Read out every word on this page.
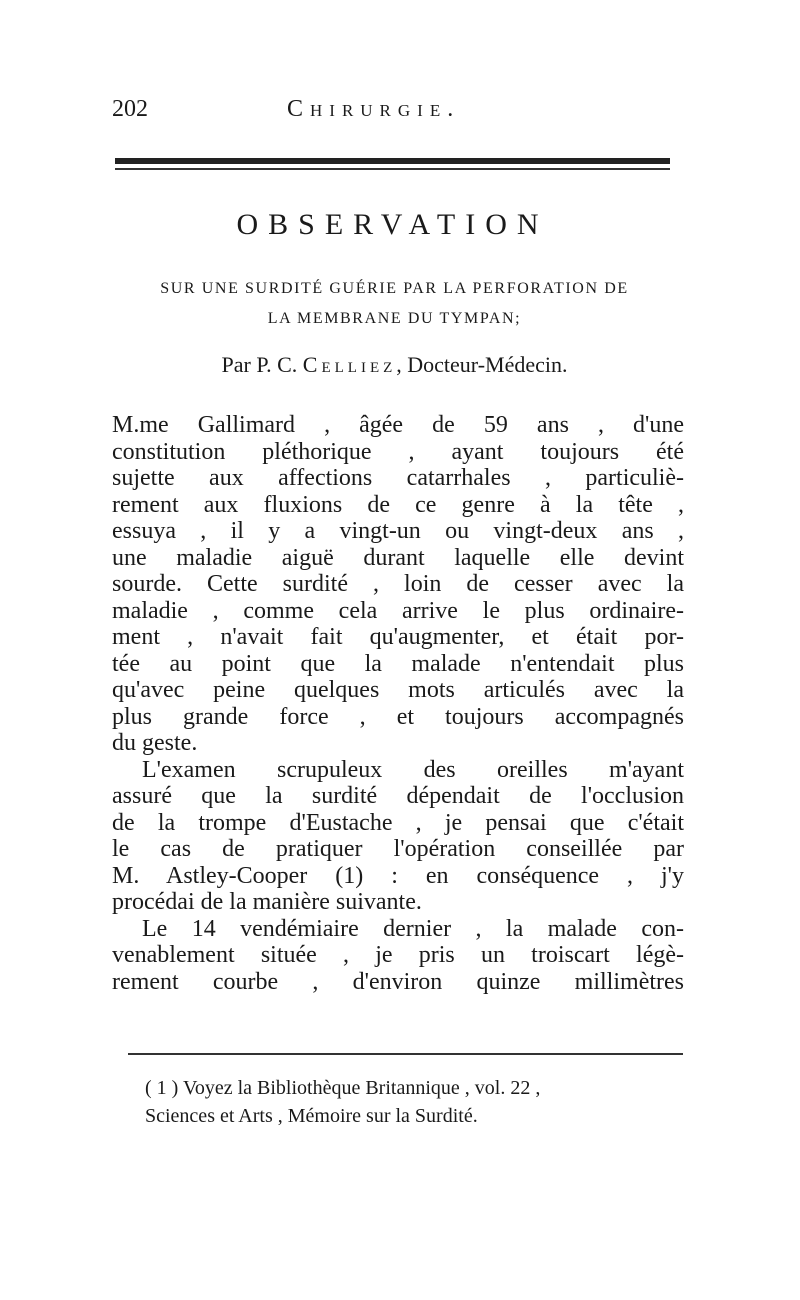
202	Chirurgie.
OBSERVATION
SUR UNE SURDITÉ GUÉRIE PAR LA PERFORATION DE
LA MEMBRANE DU TYMPAN;
Par P. C. Celliez, Docteur-Médecin.
M.me Gallimard , âgée de 59 ans , d'une
constitution pléthorique , ayant toujours été
sujette aux affections catarrhales , particuliè-
rement aux fluxions de ce genre à la tête ,
essuya , il y a vingt-un ou vingt-deux ans ,
une maladie aiguë durant laquelle elle devint
sourde. Cette surdité , loin de cesser avec la
maladie , comme cela arrive le plus ordinaire-
ment , n'avait fait qu'augmenter, et était por-
tée au point que la malade n'entendait plus
qu'avec peine quelques mots articulés avec la
plus grande force , et toujours accompagnés
du geste.
L'examen scrupuleux des oreilles m'ayant
assuré que la surdité dépendait de l'occlusion
de la trompe d'Eustache , je pensai que c'était
le cas de pratiquer l'opération conseillée par
M. Astley-Cooper (1) : en conséquence , j'y
procédai de la manière suivante.
Le 14 vendémiaire dernier , la malade con-
venablement située , je pris un troiscart légè-
rement courbe , d'environ quinze millimètres
( 1 ) Voyez la Bibliothèque Britannique , vol. 22 ,
Sciences et Arts , Mémoire sur la Surdité.
